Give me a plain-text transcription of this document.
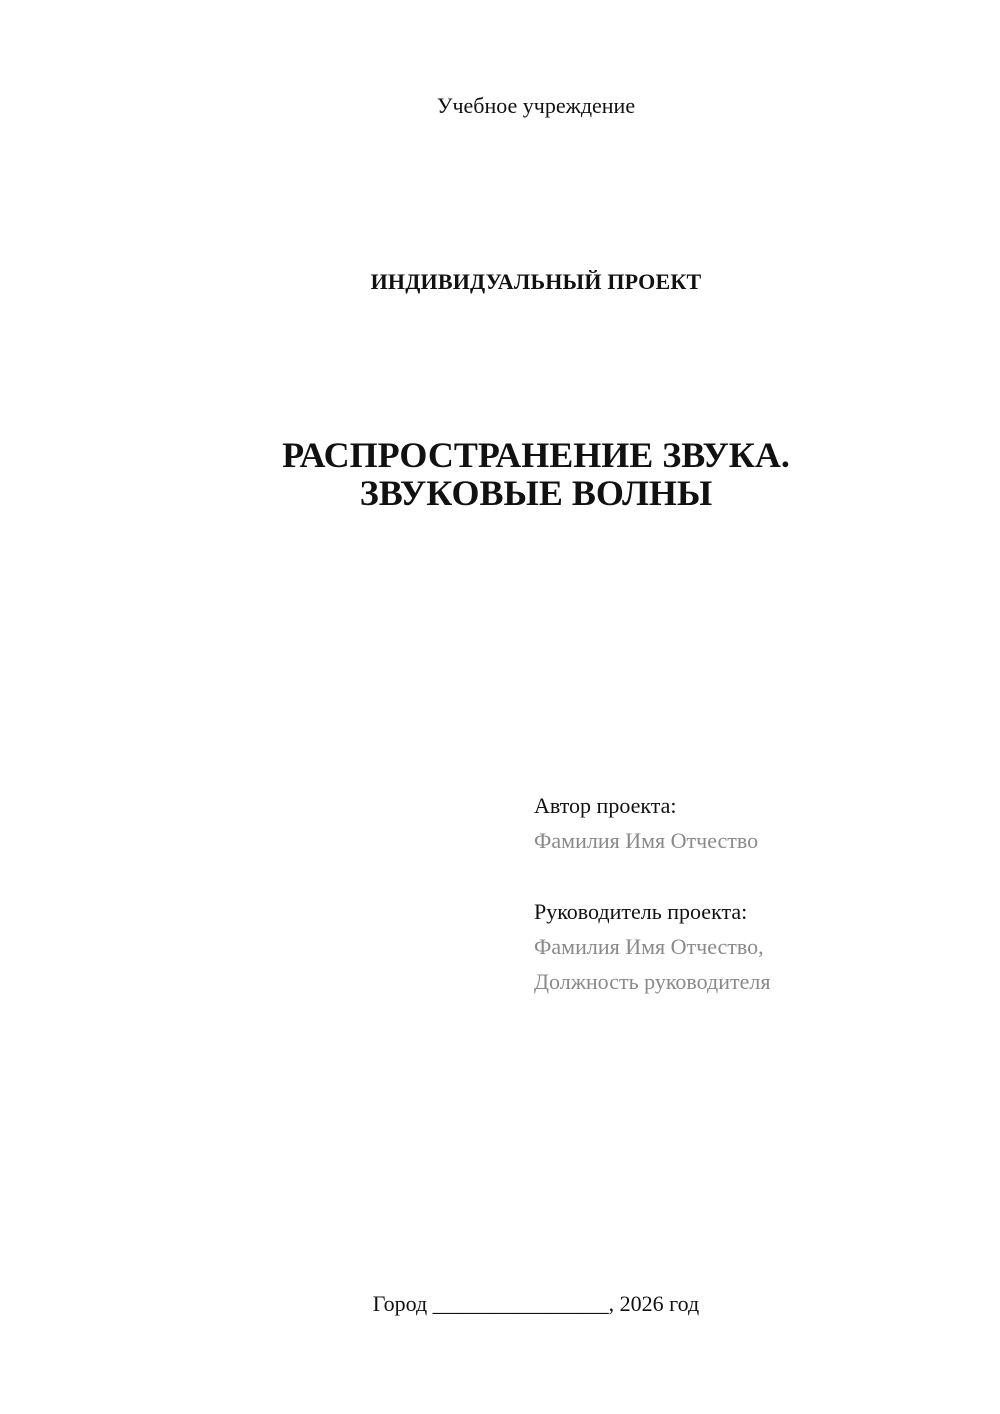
Учебное учреждение
ИНДИВИДУАЛЬНЫЙ ПРОЕКТ
РАСПРОСТРАНЕНИЕ ЗВУКА.
ЗВУКОВЫЕ ВОЛНЫ
Автор проекта:
Фамилия Имя Отчество
Руководитель проекта:
Фамилия Имя Отчество,
Должность руководителя
Город ________________, 2026 год
